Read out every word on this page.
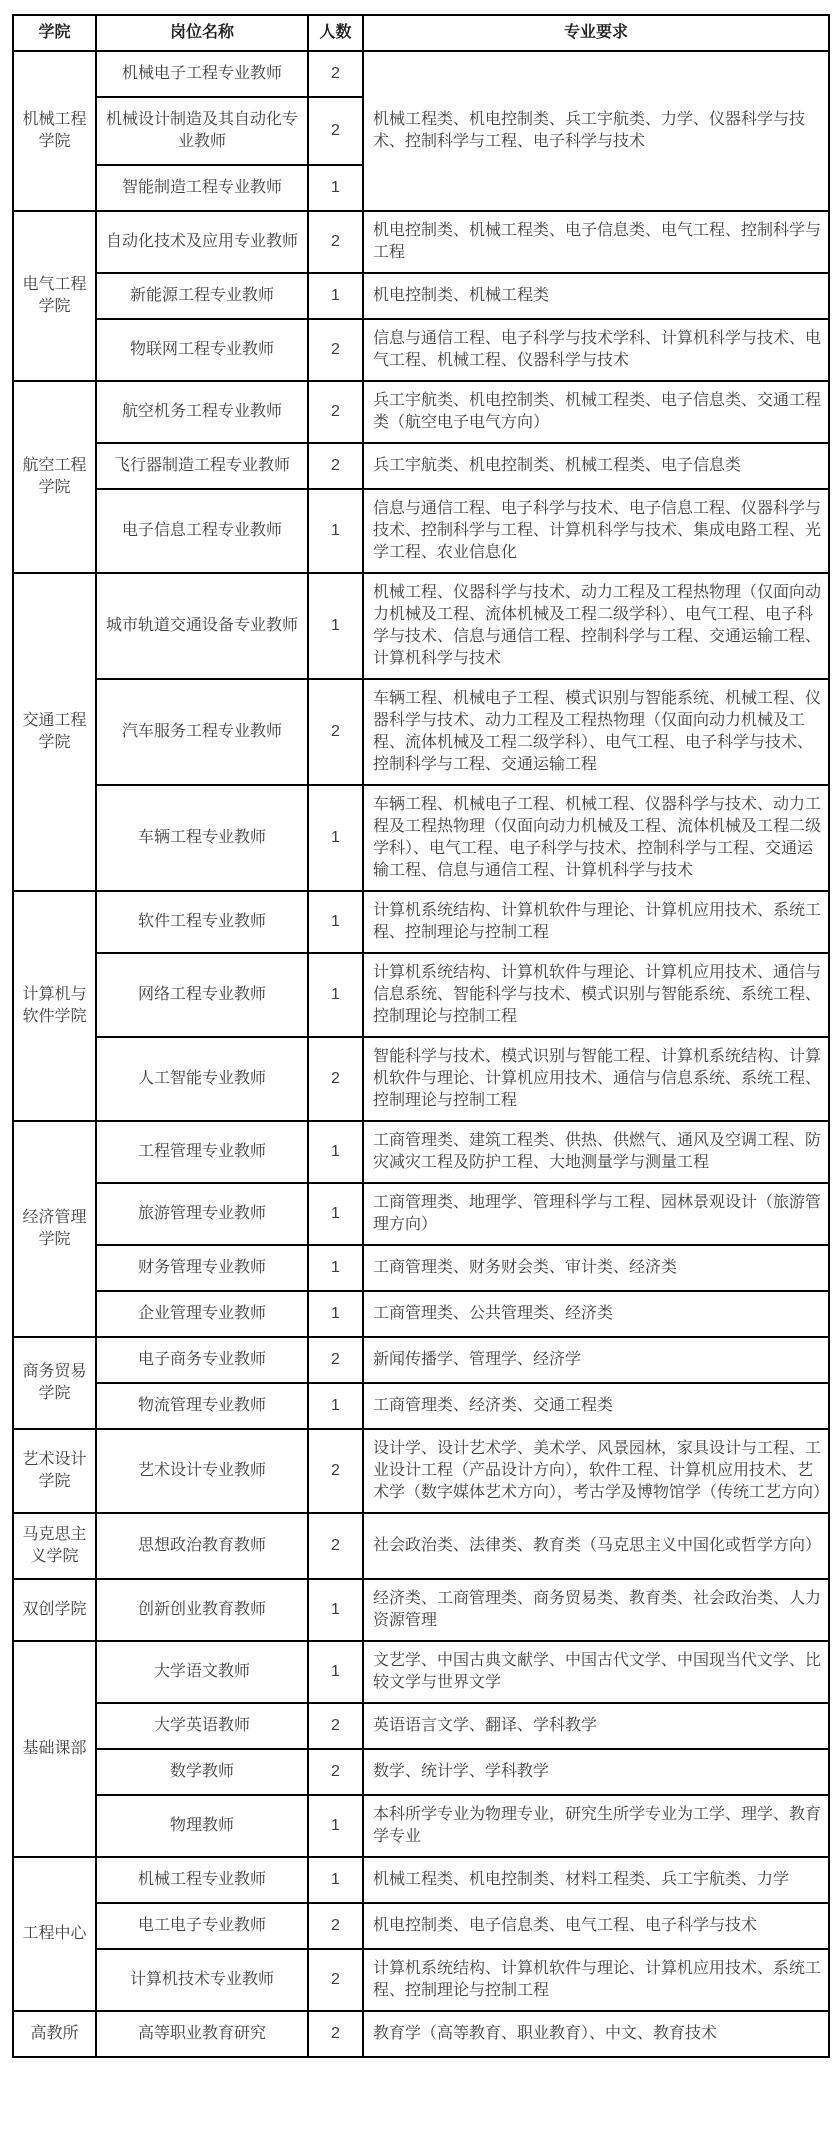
学院	岗位名称	人数	专业要求
机械工程学院	机械电子工程专业教师	2	机械工程类、机电控制类、兵工宇航类、力学、仪器科学与技术、控制科学与工程、电子科学与技术
	机械设计制造及其自动化专业教师	2	
	智能制造工程专业教师	1	
电气工程学院	自动化技术及应用专业教师	2	机电控制类、机械工程类、电子信息类、电气工程、控制科学与工程
	新能源工程专业教师	1	机电控制类、机械工程类
	物联网工程专业教师	2	信息与通信工程、电子科学与技术学科、计算机科学与技术、电气工程、机械工程、仪器科学与技术
航空工程学院	航空机务工程专业教师	2	兵工宇航类、机电控制类、机械工程类、电子信息类、交通工程类（航空电子电气方向）
	飞行器制造工程专业教师	2	兵工宇航类、机电控制类、机械工程类、电子信息类
	电子信息工程专业教师	1	信息与通信工程、电子科学与技术、电子信息工程、仪器科学与技术、控制科学与工程、计算机科学与技术、集成电路工程、光学工程、农业信息化
交通工程学院	城市轨道交通设备专业教师	1	机械工程、仪器科学与技术、动力工程及工程热物理（仅面向动力机械及工程、流体机械及工程二级学科）、电气工程、电子科学与技术、信息与通信工程、控制科学与工程、交通运输工程、计算机科学与技术
	汽车服务工程专业教师	2	车辆工程、机械电子工程、模式识别与智能系统、机械工程、仪器科学与技术、动力工程及工程热物理（仅面向动力机械及工程、流体机械及工程二级学科）、电气工程、电子科学与技术、控制科学与工程、交通运输工程
	车辆工程专业教师	1	车辆工程、机械电子工程、机械工程、仪器科学与技术、动力工程及工程热物理（仅面向动力机械及工程、流体机械及工程二级学科）、电气工程、电子科学与技术、控制科学与工程、交通运输工程、信息与通信工程、计算机科学与技术
计算机与软件学院	软件工程专业教师	1	计算机系统结构、计算机软件与理论、计算机应用技术、系统工程、控制理论与控制工程
	网络工程专业教师	1	计算机系统结构、计算机软件与理论、计算机应用技术、通信与信息系统、智能科学与技术、模式识别与智能系统、系统工程、控制理论与控制工程
	人工智能专业教师	2	智能科学与技术、模式识别与智能工程、计算机系统结构、计算机软件与理论、计算机应用技术、通信与信息系统、系统工程、控制理论与控制工程
经济管理学院	工程管理专业教师	1	工商管理类、建筑工程类、供热、供燃气、通风及空调工程、防灾减灾工程及防护工程、大地测量学与测量工程
	旅游管理专业教师	1	工商管理类、地理学、管理科学与工程、园林景观设计（旅游管理方向）
	财务管理专业教师	1	工商管理类、财务财会类、审计类、经济类
	企业管理专业教师	1	工商管理类、公共管理类、经济类
商务贸易学院	电子商务专业教师	2	新闻传播学、管理学、经济学
	物流管理专业教师	1	工商管理类、经济类、交通工程类
艺术设计学院	艺术设计专业教师	2	设计学、设计艺术学、美术学、风景园林，家具设计与工程、工业设计工程（产品设计方向），软件工程、计算机应用技术、艺术学（数字媒体艺术方向），考古学及博物馆学（传统工艺方向）
马克思主义学院	思想政治教育教师	2	社会政治类、法律类、教育类（马克思主义中国化或哲学方向）
双创学院	创新创业教育教师	1	经济类、工商管理类、商务贸易类、教育类、社会政治类、人力资源管理
基础课部	大学语文教师	1	文艺学、中国古典文献学、中国古代文学、中国现当代文学、比较文学与世界文学
	大学英语教师	2	英语语言文学、翻译、学科教学
	数学教师	2	数学、统计学、学科教学
	物理教师	1	本科所学专业为物理专业，研究生所学专业为工学、理学、教育学专业
工程中心	机械工程专业教师	1	机械工程类、机电控制类、材料工程类、兵工宇航类、力学
	电工电子专业教师	2	机电控制类、电子信息类、电气工程、电子科学与技术
	计算机技术专业教师	2	计算机系统结构、计算机软件与理论、计算机应用技术、系统工程、控制理论与控制工程
高教所	高等职业教育研究	2	教育学（高等教育、职业教育）、中文、教育技术
